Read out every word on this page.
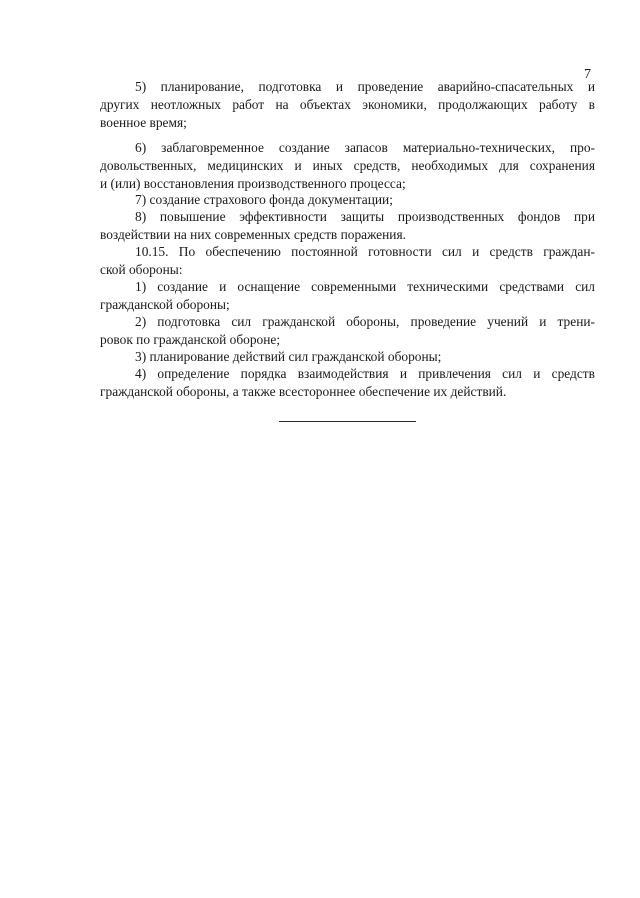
7
5) планирование, подготовка и проведение аварийно-спасательных и
других неотложных работ на объектах экономики, продолжающих работу в
военное время;
6) заблаговременное создание запасов материально-технических, про-
довольственных, медицинских и иных средств, необходимых для сохранения
и (или) восстановления производственного процесса;
7) создание страхового фонда документации;
8) повышение эффективности защиты производственных фондов при
воздействии на них современных средств поражения.
10.15. По обеспечению постоянной готовности сил и средств граждан-
ской обороны:
1) создание и оснащение современными техническими средствами сил
гражданской обороны;
2) подготовка сил гражданской обороны, проведение учений и трени-
ровок по гражданской обороне;
3) планирование действий сил гражданской обороны;
4) определение порядка взаимодействия и привлечения сил и средств
гражданской обороны, а также всестороннее обеспечение их действий.
